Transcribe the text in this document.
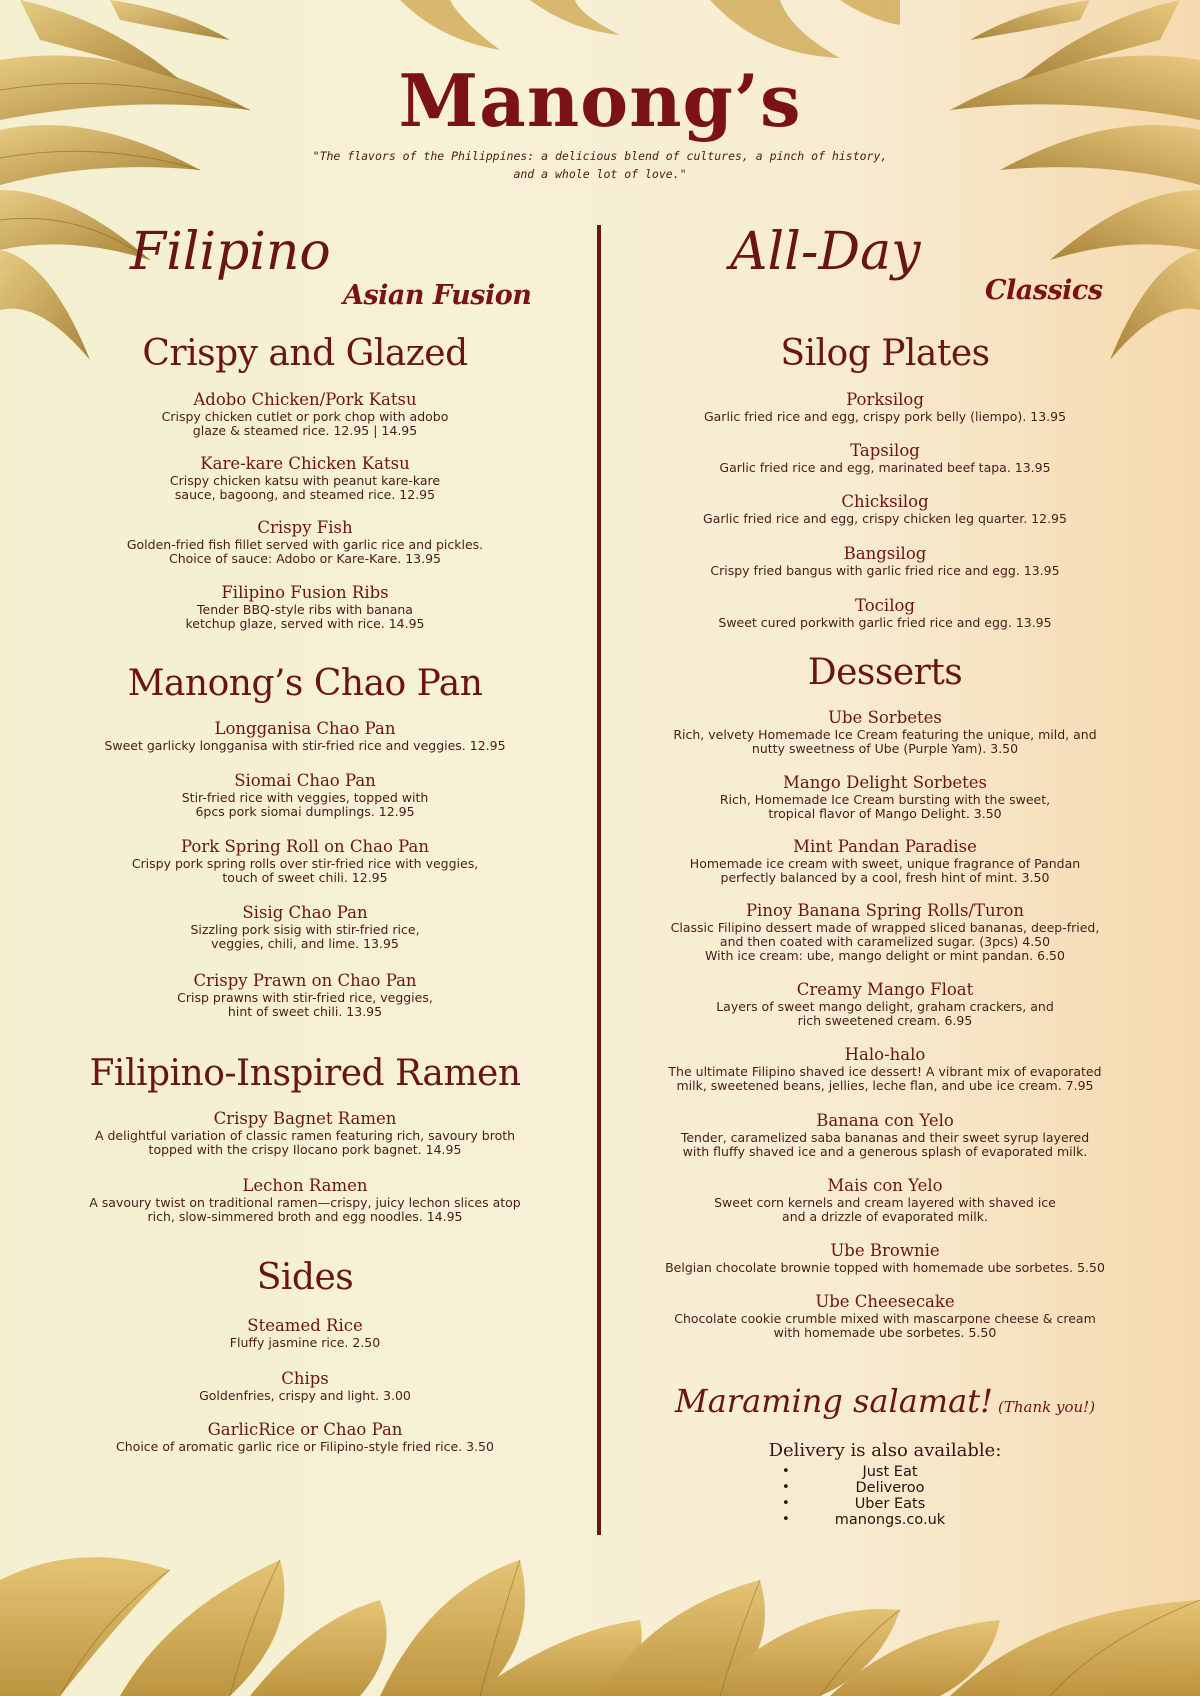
Manong’s
"The flavors of the Philippines: a delicious blend of cultures, a pinch of history,
and a whole lot of love."
Filipino
Asian Fusion
Crispy and Glazed
Adobo Chicken/Pork Katsu
Crispy chicken cutlet or pork chop with adobo
glaze & steamed rice. 12.95 | 14.95
Kare-kare Chicken Katsu
Crispy chicken katsu with peanut kare-kare
sauce, bagoong, and steamed rice. 12.95
Crispy Fish
Golden-fried fish fillet served with garlic rice and pickles.
Choice of sauce: Adobo or Kare-Kare. 13.95
Filipino Fusion Ribs
Tender BBQ-style ribs with banana
ketchup glaze, served with rice. 14.95
Manong’s Chao Pan
Longganisa Chao Pan
Sweet garlicky longganisa with stir-fried rice and veggies. 12.95
Siomai Chao Pan
Stir-fried rice with veggies, topped with
6pcs pork siomai dumplings. 12.95
Pork Spring Roll on Chao Pan
Crispy pork spring rolls over stir-fried rice with veggies,
touch of sweet chili. 12.95
Sisig Chao Pan
Sizzling pork sisig with stir-fried rice,
veggies, chili, and lime. 13.95
Crispy Prawn on Chao Pan
Crisp prawns with stir-fried rice, veggies,
hint of sweet chili. 13.95
Filipino-Inspired Ramen
Crispy Bagnet Ramen
A delightful variation of classic ramen featuring rich, savoury broth
topped with the crispy Ilocano pork bagnet. 14.95
Lechon Ramen
A savoury twist on traditional ramen—crispy, juicy lechon slices atop
rich, slow-simmered broth and egg noodles. 14.95
Sides
Steamed Rice
Fluffy jasmine rice. 2.50
Chips
Goldenfries, crispy and light. 3.00
GarlicRice or Chao Pan
Choice of aromatic garlic rice or Filipino-style fried rice. 3.50
All-Day
Classics
Silog Plates
Porksilog
Garlic fried rice and egg, crispy pork belly (liempo). 13.95
Tapsilog
Garlic fried rice and egg, marinated beef tapa. 13.95
Chicksilog
Garlic fried rice and egg, crispy chicken leg quarter. 12.95
Bangsilog
Crispy fried bangus with garlic fried rice and egg. 13.95
Tocilog
Sweet cured porkwith garlic fried rice and egg. 13.95
Desserts
Ube Sorbetes
Rich, velvety Homemade Ice Cream featuring the unique, mild, and
nutty sweetness of Ube (Purple Yam). 3.50
Mango Delight Sorbetes
Rich, Homemade Ice Cream bursting with the sweet,
tropical flavor of Mango Delight. 3.50
Mint Pandan Paradise
Homemade ice cream with sweet, unique fragrance of Pandan
perfectly balanced by a cool, fresh hint of mint. 3.50
Pinoy Banana Spring Rolls/Turon
Classic Filipino dessert made of wrapped sliced bananas, deep-fried,
and then coated with caramelized sugar. (3pcs) 4.50
With ice cream: ube, mango delight or mint pandan. 6.50
Creamy Mango Float
Layers of sweet mango delight, graham crackers, and
rich sweetened cream. 6.95
Halo-halo
The ultimate Filipino shaved ice dessert! A vibrant mix of evaporated
milk, sweetened beans, jellies, leche flan, and ube ice cream. 7.95
Banana con Yelo
Tender, caramelized saba bananas and their sweet syrup layered
with fluffy shaved ice and a generous splash of evaporated milk.
Mais con Yelo
Sweet corn kernels and cream layered with shaved ice
and a drizzle of evaporated milk.
Ube Brownie
Belgian chocolate brownie topped with homemade ube sorbetes. 5.50
Ube Cheesecake
Chocolate cookie crumble mixed with mascarpone cheese & cream
with homemade ube sorbetes. 5.50
Maraming salamat! (Thank you!)
Delivery is also available:
• Just Eat
• Deliveroo
• Uber Eats
• manongs.co.uk
